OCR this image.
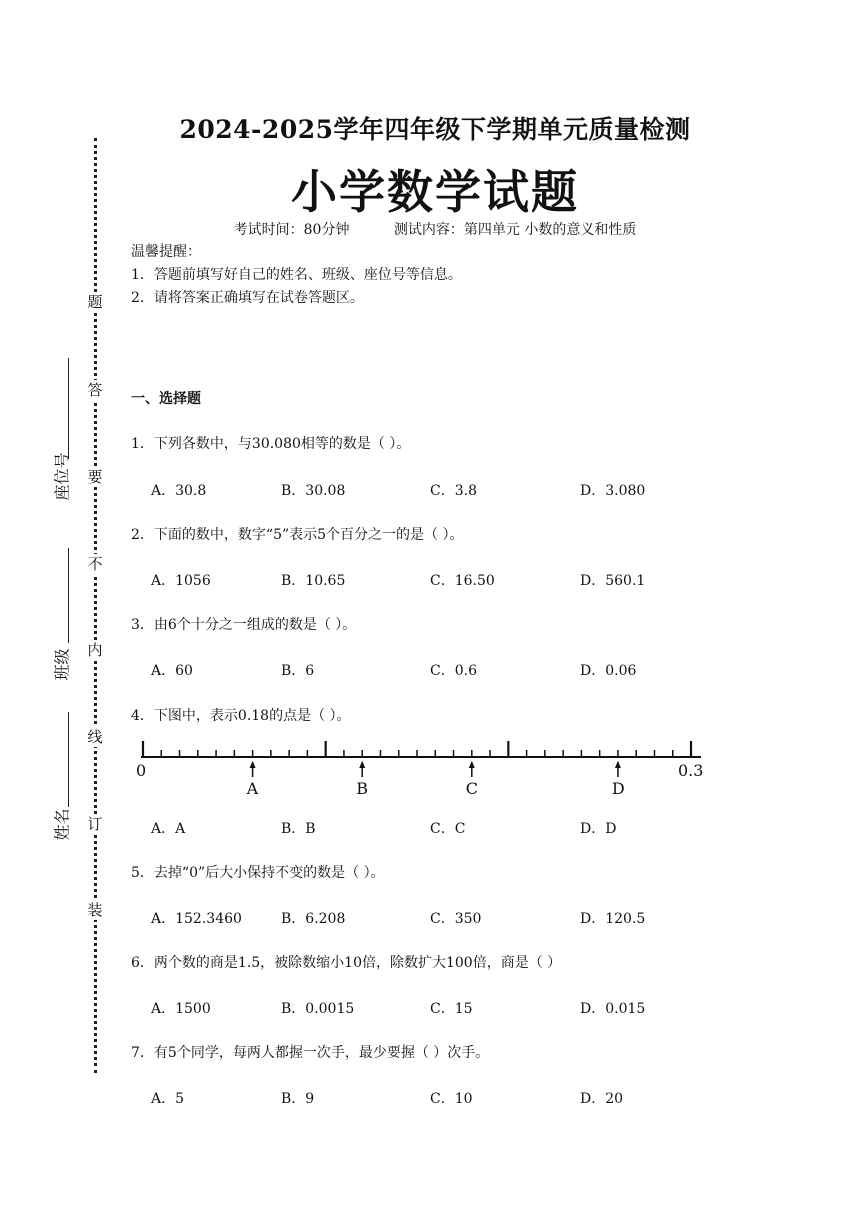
题
答
要
不
内
线
订
装
座位号
班级
姓名
2024-2025学年四年级下学期单元质量检测
小学数学试题
考试时间：80分钟	测试内容：第四单元 小数的意义和性质
温馨提醒：
1．答题前填写好自己的姓名、班级、座位号等信息。
2．请将答案正确填写在试卷答题区。
一、选择题
1．下列各数中，与30.080相等的数是（ ）。
A．30.8	B．30.08	C．3.8	D．3.080
2．下面的数中，数字“5”表示5个百分之一的是（ ）。
A．1056	B．10.65	C．16.50	D．560.1
3．由6个十分之一组成的数是（ ）。
A．60	B．6	C．0.6	D．0.06
4．下图中，表示0.18的点是（ ）。
0	0.3
A	B	C	D
A．A	B．B	C．C	D．D
5．去掉“0”后大小保持不变的数是（ ）。
A．152.3460	B．6.208	C．350	D．120.5
6．两个数的商是1.5，被除数缩小10倍，除数扩大100倍，商是（ ）
A．1500	B．0.0015	C．15	D．0.015
7．有5个同学，每两人都握一次手，最少要握（ ）次手。
A．5	B．9	C．10	D．20
